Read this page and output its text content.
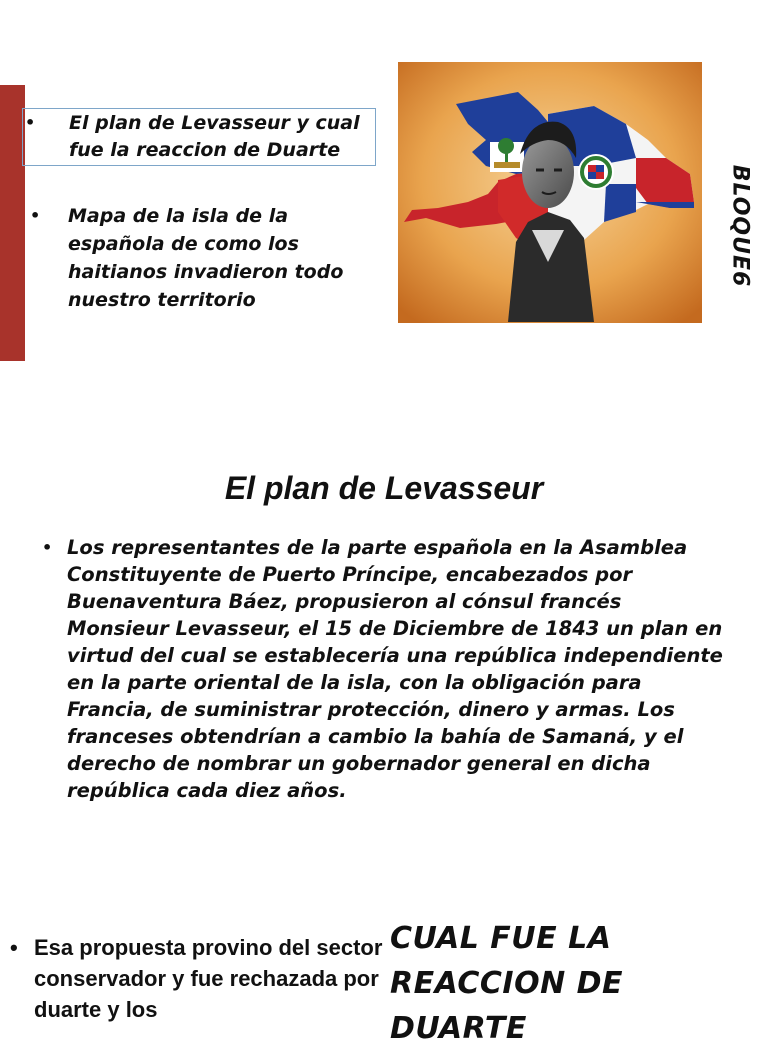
• El plan de Levasseur y cual fue la reaccion de Duarte
• Mapa de la isla de la española de como los haitianos invadieron todo nuestro territorio
BLOQUE6
El plan de Levasseur

• Los representantes de la parte española en la Asamblea Constituyente de Puerto Príncipe, encabezados por Buenaventura Báez, propusieron al cónsul francés Monsieur Levasseur, el 15 de Diciembre de 1843 un plan en virtud del cual se establecería una república independiente en la parte oriental de la isla, con la obligación para Francia, de suministrar protección, dinero y armas. Los franceses obtendrían a cambio la bahía de Samaná, y el derecho de nombrar un gobernador general en dicha república cada diez años.

• Esa propuesta provino del sector conservador y fue rechazada por duarte y los

CUAL FUE LA REACCION DE DUARTE
